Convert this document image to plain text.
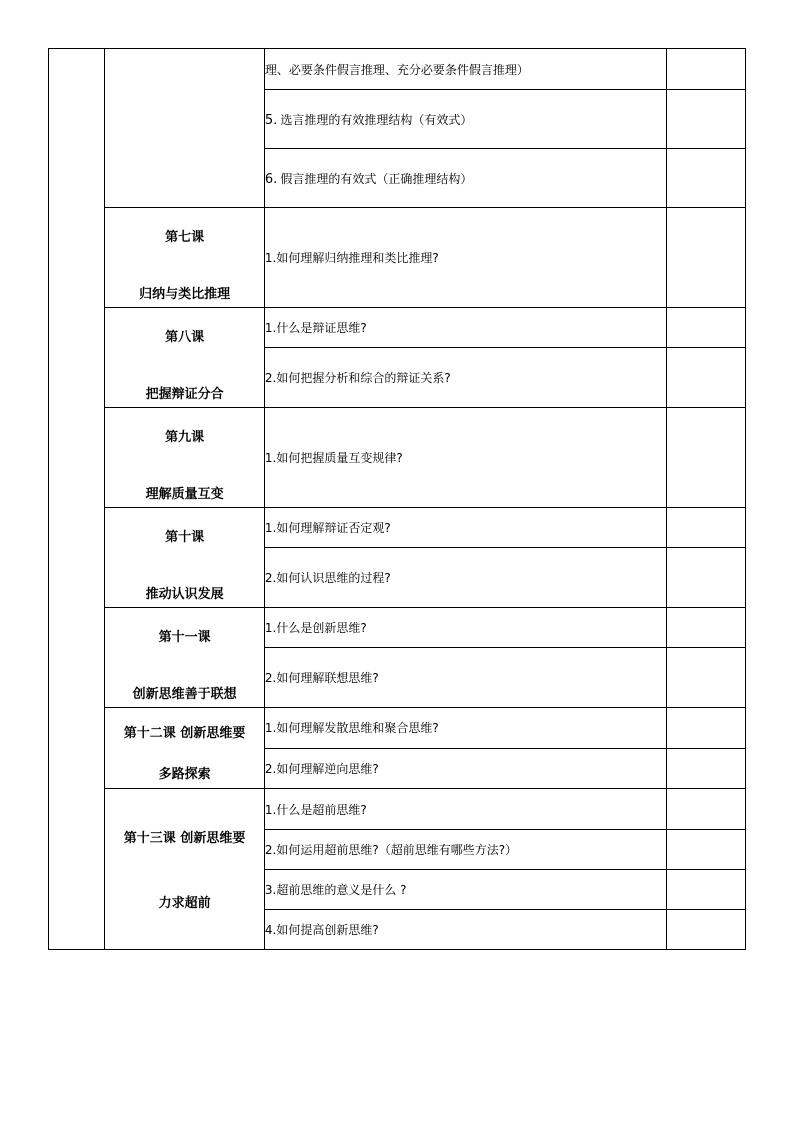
		理、必要条件假言推理、充分必要条件假言推理）	
		5. 选言推理的有效推理结构（有效式）	
		6. 假言推理的有效式（正确推理结构）	

	第七课
归纳与类比推理	1.如何理解归纳推理和类比推理?	

	第八课
把握辩证分合	1.什么是辩证思维?	
		2.如何把握分析和综合的辩证关系?	

	第九课
理解质量互变	1.如何把握质量互变规律?	

	第十课
推动认识发展	1.如何理解辩证否定观?	
		2.如何认识思维的过程?	

	第十一课
创新思维善于联想	1.什么是创新思维?	
		2.如何理解联想思维?	

	第十二课 创新思维要
多路探索	1.如何理解发散思维和聚合思维?	
		2.如何理解逆向思维?	

	第十三课 创新思维要
力求超前	1.什么是超前思维?	
		2.如何运用超前思维?（超前思维有哪些方法?）	
		3.超前思维的意义是什么 ?	
		4.如何提高创新思维?	
